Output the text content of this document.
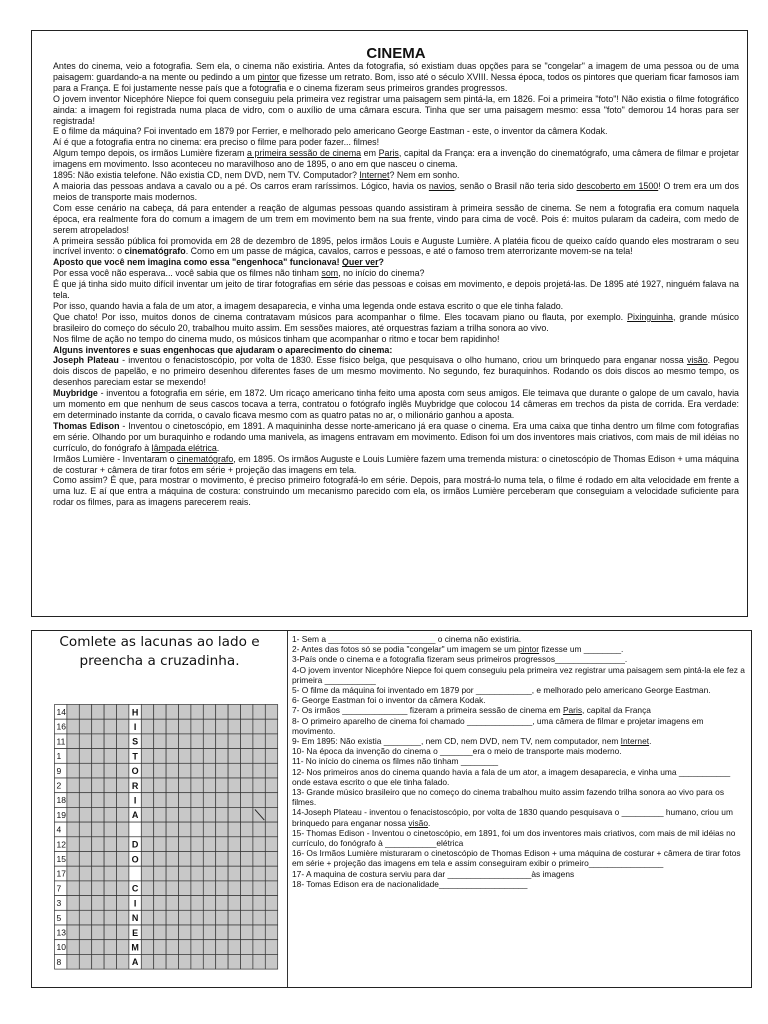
CINEMA

Antes do cinema, veio a fotografia. Sem ela, o cinema não existiria. Antes da fotografia, só existiam duas opções para se "congelar" a imagem de uma pessoa ou de uma paisagem: guardando-a na mente ou pedindo a um pintor que fizesse um retrato. Bom, isso até o século XVIII. Nessa época, todos os pintores que queriam ficar famosos iam para a França. E foi justamente nesse país que a fotografia e o cinema fizeram seus primeiros grandes progressos.

O jovem inventor Nicephóre Niepce foi quem conseguiu pela primeira vez registrar uma paisagem sem pintá-la, em 1826. Foi a primeira "foto"! Não existia o filme fotográfico ainda: a imagem foi registrada numa placa de vidro, com o auxílio de uma câmara escura. Tinha que ser uma paisagem mesmo: essa "foto" demorou 14 horas para ser registrada!

E o filme da máquina? Foi inventado em 1879 por Ferrier, e melhorado pelo americano George Eastman - este, o inventor da câmera Kodak.

Aí é que a fotografia entra no cinema: era preciso o filme para poder fazer... filmes!

Algum tempo depois, os irmãos Lumière fizeram a primeira sessão de cinema em Paris, capital da França: era a invenção do cinematógrafo, uma câmera de filmar e projetar imagens em movimento. Isso aconteceu no maravilhoso ano de 1895, o ano em que nasceu o cinema.

1895: Não existia telefone. Não existia CD, nem DVD, nem TV. Computador? Internet? Nem em sonho.

A maioria das pessoas andava a cavalo ou a pé. Os carros eram raríssimos. Lógico, havia os navios, senão o Brasil não teria sido descoberto em 1500! O trem era um dos meios de transporte mais modernos.

Com esse cenário na cabeça, dá para entender a reação de algumas pessoas quando assistiram à primeira sessão de cinema. Se nem a fotografia era comum naquela época, era realmente fora do comum a imagem de um trem em movimento bem na sua frente, vindo para cima de você. Pois é: muitos pularam da cadeira, com medo de serem atropelados!

A primeira sessão pública foi promovida em 28 de dezembro de 1895, pelos irmãos Louis e Auguste Lumière. A platéia ficou de queixo caído quando eles mostraram o seu incrível invento: o cinematógrafo. Como em um passe de mágica, cavalos, carros e pessoas, e até o famoso trem aterrorizante movem-se na tela!

Aposto que você nem imagina como essa "engenhoca" funcionava! Quer ver?

Por essa você não esperava... você sabia que os filmes não tinham som, no início do cinema?

É que já tinha sido muito difícil inventar um jeito de tirar fotografias em série das pessoas e coisas em movimento, e depois projetá-las. De 1895 até 1927, ninguém falava na tela.

Por isso, quando havia a fala de um ator, a imagem desaparecia, e vinha uma legenda onde estava escrito o que ele tinha falado.

Que chato! Por isso, muitos donos de cinema contratavam músicos para acompanhar o filme. Eles tocavam piano ou flauta, por exemplo. Pixinguinha, grande músico brasileiro do começo do século 20, trabalhou muito assim. Em sessões maiores, até orquestras faziam a trilha sonora ao vivo.

Nos filme de ação no tempo do cinema mudo, os músicos tinham que acompanhar o ritmo e tocar bem rapidinho!

Alguns inventores e suas engenhocas que ajudaram o aparecimento do cinema:

Joseph Plateau - inventou o fenacistoscópio, por volta de 1830. Esse físico belga, que pesquisava o olho humano, criou um brinquedo para enganar nossa visão. Pegou dois discos de papelão, e no primeiro desenhou diferentes fases de um mesmo movimento. No segundo, fez buraquinhos. Rodando os dois discos ao mesmo tempo, os desenhos pareciam estar se mexendo!

Muybridge - inventou a fotografia em série, em 1872. Um ricaço americano tinha feito uma aposta com seus amigos. Ele teimava que durante o galope de um cavalo, havia um momento em que nenhum de seus cascos tocava a terra, contratou o fotógrafo inglês Muybridge que colocou 14 câmeras em trechos da pista de corrida. Era verdade: em determinado instante da corrida, o cavalo ficava mesmo com as quatro patas no ar, o milionário ganhou a aposta.

Thomas Edison - Inventou o cinetoscópio, em 1891. A maquininha desse norte-americano já era quase o cinema. Era uma caixa que tinha dentro um filme com fotografias em série. Olhando por um buraquinho e rodando uma manivela, as imagens entravam em movimento. Edison foi um dos inventores mais criativos, com mais de mil idéias no currículo, do fonógrafo à lâmpada elétrica.

Irmãos Lumière - Inventaram o cinematógrafo, em 1895. Os irmãos Auguste e Louis Lumière fazem uma tremenda mistura: o cinetoscópio de Thomas Edison + uma máquina de costurar + câmera de tirar fotos em série + projeção das imagens em tela.

Como assim? É que, para mostrar o movimento, é preciso primeiro fotografá-lo em série. Depois, para mostrá-lo numa tela, o filme é rodado em alta velocidade em frente a uma luz. E aí que entra a máquina de costura: construindo um mecanismo parecido com ela, os irmãos Lumière perceberam que conseguiam a velocidade suficiente para rodar os filmes, para as imagens parecerem reais.

Comlete as lacunas ao lado e preencha a cruzadinha.
14	H
16	I
11	S
1	T
9	O
2	R
18	I
19	A
4
12	D
15	O
17
7	C
3	I
5	N
13	E
10	M
8	A

1- Sem a _______________________ o cinema não existiria.

2- Antes das fotos só se podia "congelar" um imagem se um pintor fizesse um ________.

3-País onde o cinema e a fotografia fizeram seus primeiros progressos_______________.

4-O jovem inventor Nicephóre Niepce foi quem conseguiu pela primeira vez registrar uma paisagem sem pintá-la ele fez a primeira ___________

5- O filme da máquina foi inventado em 1879 por ____________, e melhorado pelo americano George Eastman.

6- George Eastman foi o inventor da câmera Kodak.

7- Os irmãos ______________ fizeram a primeira sessão de cinema em Paris, capital da França

8- O primeiro aparelho de cinema foi chamado ______________, uma câmera de filmar e projetar imagens em movimento.

9- Em 1895: Não existia ________, nem CD, nem DVD, nem TV, nem computador, nem Internet.

10- Na época da invenção do cinema o _______era o meio de transporte mais moderno.

11- No início do cinema os filmes não tinham ________

12- Nos primeiros anos do cinema quando havia a fala de um ator, a imagem desaparecia, e vinha uma ___________ onde estava escrito o que ele tinha falado.

13- Grande músico brasileiro que no começo do cinema trabalhou muito assim fazendo trilha sonora ao vivo para os filmes.

14-Joseph Plateau - inventou o fenacistoscópio, por volta de 1830 quando pesquisava o _________ humano, criou um brinquedo para enganar nossa visão.

15- Thomas Edison - Inventou o cinetoscópio, em 1891, foi um dos inventores mais criativos, com mais de mil idéias no currículo, do fonógrafo à ___________elétrica

16- Os Irmãos Lumière misturaram o cinetoscópio de Thomas Edison + uma máquina de costurar + câmera de tirar fotos em série + projeção das imagens em tela e assim conseguiram exibir o primeiro________________

17- A maquina de costura serviu para dar __________________às imagens

18- Tomas Edison era de nacionalidade___________________
